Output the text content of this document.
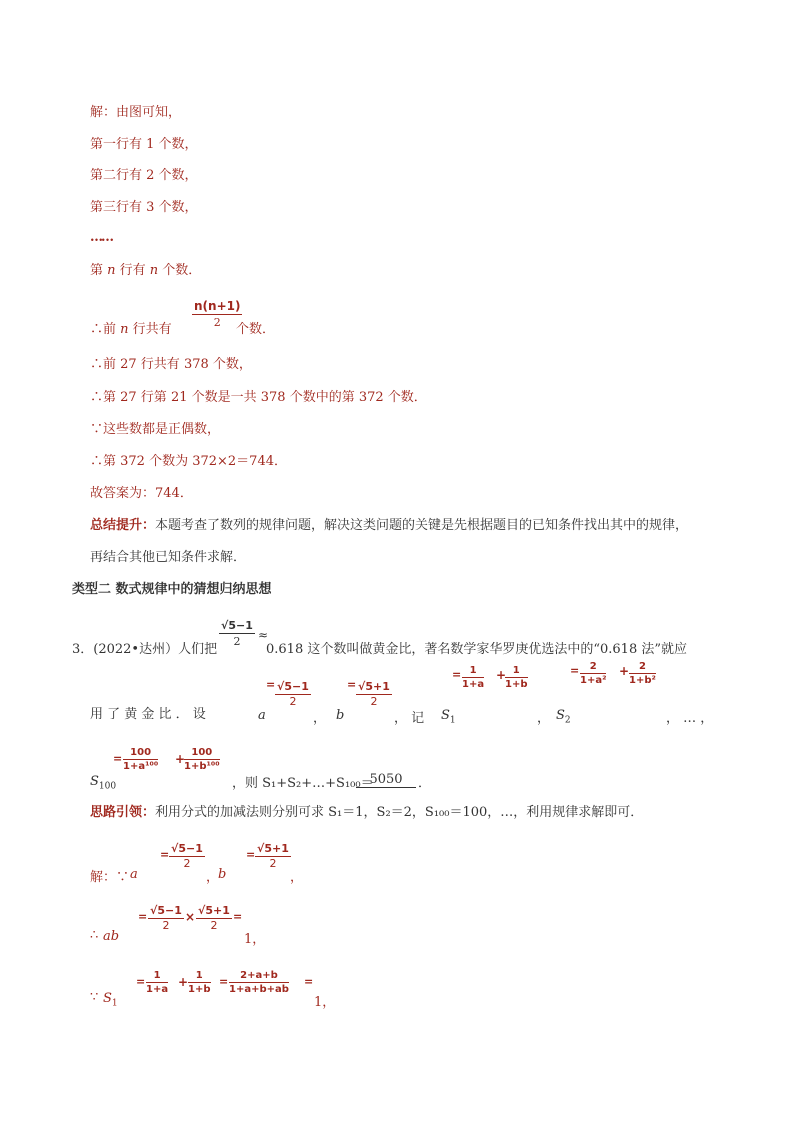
解：由图可知，
第一行有 1 个数，
第二行有 2 个数，
第三行有 3 个数，
……
第 n 行有 n 个数．
∴前 n 行共有 $\frac{n(n+1)}{2}$
个数．
∴前 27 行共有 378 个数，
∴第 27 行第 21 个数是一共 378 个数中的第 372 个数．
∵这些数都是正偶数，
∴第 372 个数为 372×2＝744．
故答案为：744．
总结提升：本题考查了数列的规律问题，解决这类问题的关键是先根据题目的已知条件找出其中的规律，
再结合其他已知条件求解．
类型二 数式规律中的猜想归纳思想
$\frac{√5-1}{2}$ ≈
3．(2022•达州）人们把	0.618 这个数叫做黄金比，著名数学家华罗庚优选法中的“0.618 法”就应
用 了 黄 金 比 ． 设	a
= $\frac{√5-1}{2}$
， b
= $\frac{√5+1}{2}$
， 记 $S_1$
= $\frac{1}{1+a}$ +
$\frac{1}{1+b}$
， $S_2$
= $\frac{2}{\text{1+a²}} + \frac{2}{\text{1+b²}}$
， … ，
$S_{100}$
= $\frac{100}{\text{1+a¹⁰⁰}}$ +
$\frac{100}{\text{1+b¹⁰⁰}}$
，则 S₁+S₂+…+S₁₀₀＝
5050	．
思路引领：利用分式的加减法则分别可求 S₁＝1，S₂＝2，S₁₀₀＝100，…，利用规律求解即可．
解：∵ a
= $\frac{√5-1}{2}$
，
b
= $\frac{√5+1}{2}$
，
∴ ab
= $\frac{√5-1}{2} \times \frac{√5+1}{2}$ =
1，
∵ $S_1$
= $\frac{1}{1+a} + \frac{1}{1+b} = \frac{2+a+b}{1+a+b+ab}$ =
1，
